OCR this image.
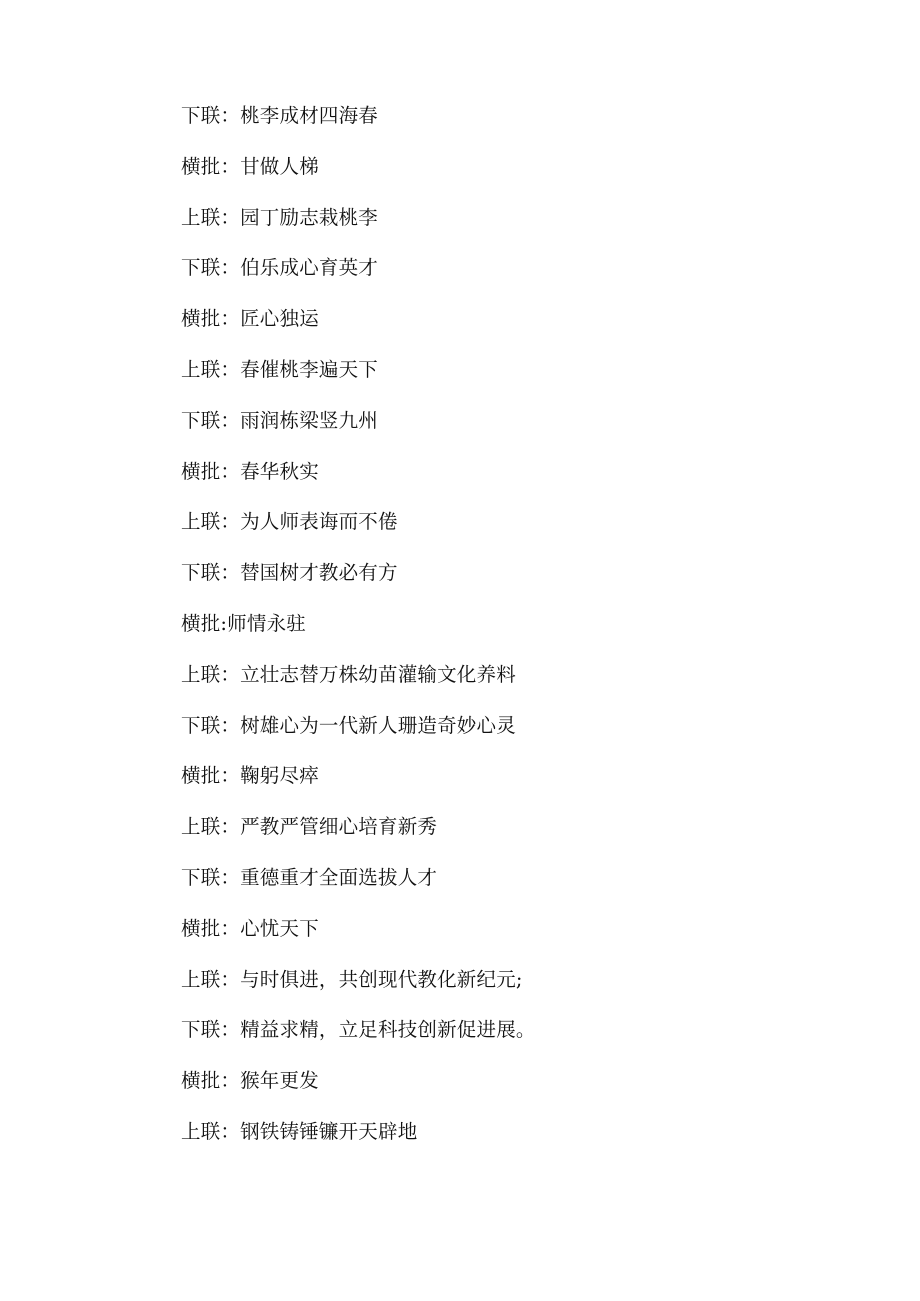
下联：桃李成材四海春
横批：甘做人梯
上联：园丁励志栽桃李
下联：伯乐成心育英才
横批：匠心独运
上联：春催桃李遍天下
下联：雨润栋梁竖九州
横批：春华秋实
上联：为人师表诲而不倦
下联：替国树才教必有方
横批:师情永驻
上联：立壮志替万株幼苗灌输文化养料
下联：树雄心为一代新人珊造奇妙心灵
横批：鞠躬尽瘁
上联：严教严管细心培育新秀
下联：重德重才全面选拔人才
横批：心忧天下
上联：与时俱进，共创现代教化新纪元;
下联：精益求精，立足科技创新促进展。
横批：猴年更发
上联：钢铁铸锤镰开天辟地
